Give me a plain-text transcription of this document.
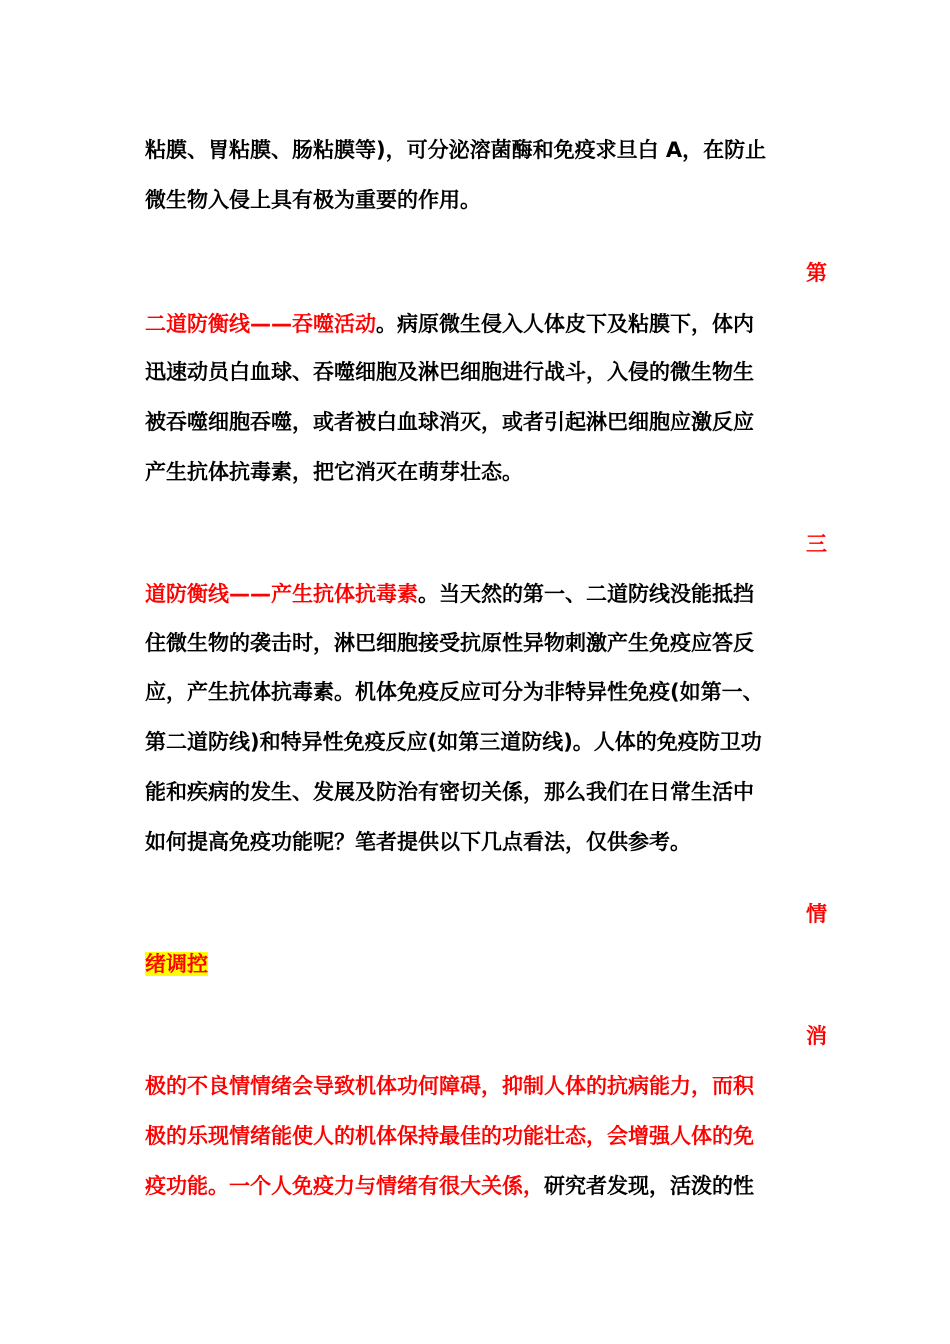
粘膜、胃粘膜、肠粘膜等)，可分泌溶菌酶和免疫求旦白 A，在防止
微生物入侵上具有极为重要的作用。
第
二道防衡线——吞噬活动。病原微生侵入人体皮下及粘膜下，体内
迅速动员白血球、吞噬细胞及淋巴细胞进行战斗，入侵的微生物生
被吞噬细胞吞噬，或者被白血球消灭，或者引起淋巴细胞应激反应
产生抗体抗毒素，把它消灭在萌芽壮态。
三
道防衡线——产生抗体抗毒素。当天然的第一、二道防线没能抵挡
住微生物的袭击时，淋巴细胞接受抗原性异物刺激产生免疫应答反
应，产生抗体抗毒素。机体免疫反应可分为非特异性免疫(如第一、
第二道防线)和特异性免疫反应(如第三道防线)。人体的免疫防卫功
能和疾病的发生、发展及防治有密切关係，那么我们在日常生活中
如何提高免疫功能呢？笔者提供以下几点看法，仅供参考。
情
绪调控
消
极的不良情情绪会导致机体功何障碍，抑制人体的抗病能力，而积
极的乐现情绪能使人的机体保持最佳的功能壮态，会增强人体的免
疫功能。一个人免疫力与情绪有很大关係，研究者发现，活泼的性
